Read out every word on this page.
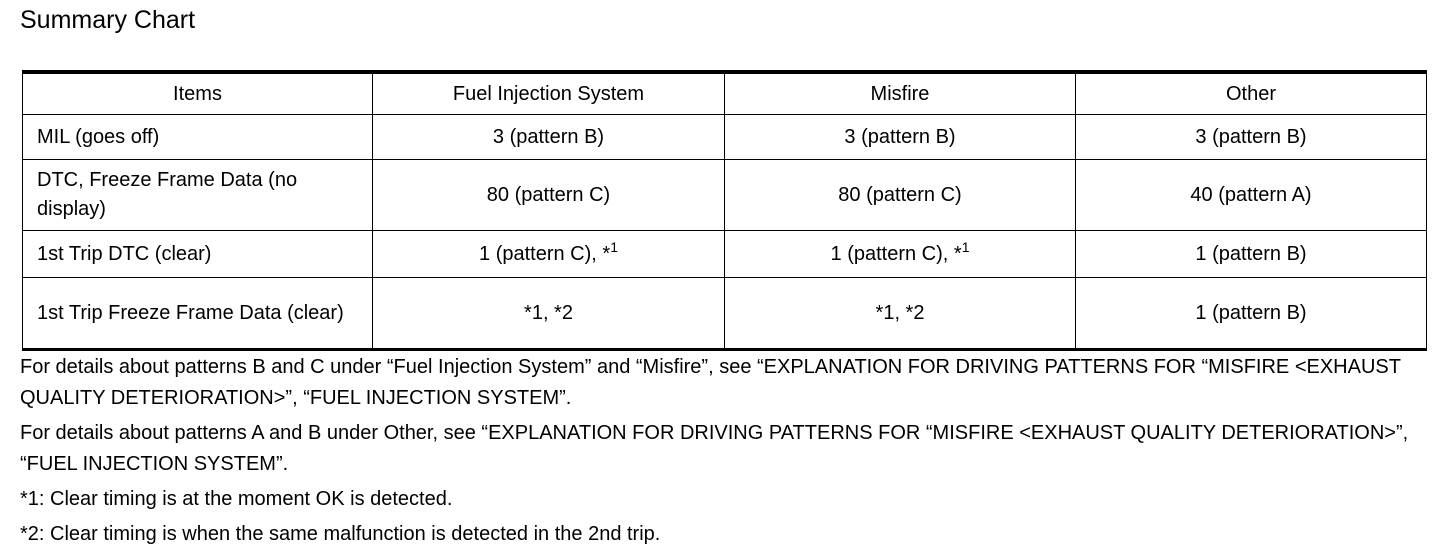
Summary Chart
Items	Fuel Injection System	Misfire	Other
MIL (goes off)	3 (pattern B)	3 (pattern B)	3 (pattern B)
DTC, Freeze Frame Data (no display)	80 (pattern C)	80 (pattern C)	40 (pattern A)
1st Trip DTC (clear)	1 (pattern C), *$^1$	1 (pattern C), *$^1$	1 (pattern B)
1st Trip Freeze Frame Data (clear)	*1, *2	*1, *2	1 (pattern B)

For details about patterns B and C under “Fuel Injection System” and “Misfire”, see “EXPLANATION FOR DRIVING PATTERNS FOR “MISFIRE <EXHAUST QUALITY DETERIORATION>”, “FUEL INJECTION SYSTEM”.

For details about patterns A and B under Other, see “EXPLANATION FOR DRIVING PATTERNS FOR “MISFIRE <EXHAUST QUALITY DETERIORATION>”, “FUEL INJECTION SYSTEM”.

*1: Clear timing is at the moment OK is detected.

*2: Clear timing is when the same malfunction is detected in the 2nd trip.
